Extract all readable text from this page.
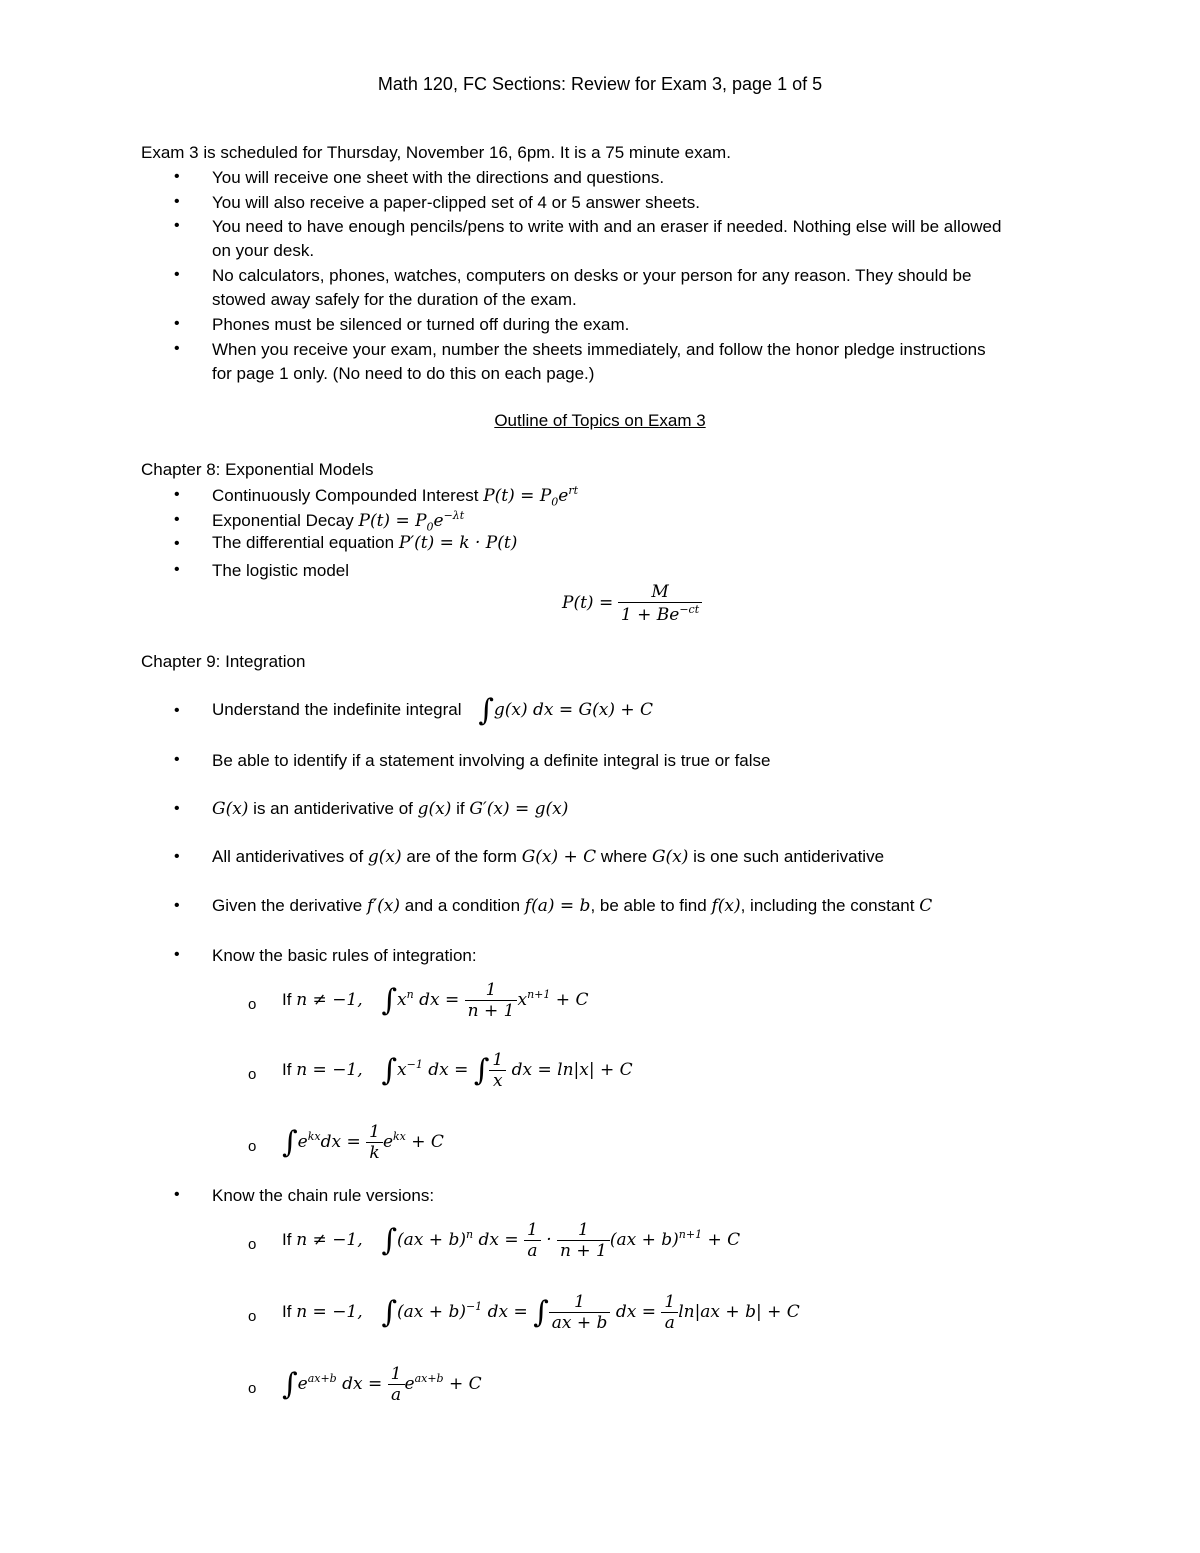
Math 120, FC Sections: Review for Exam 3, page 1 of 5
Exam 3 is scheduled for Thursday, November 16, 6pm. It is a 75 minute exam.
• You will receive one sheet with the directions and questions.
• You will also receive a paper-clipped set of 4 or 5 answer sheets.
• You need to have enough pencils/pens to write with and an eraser if needed. Nothing else will be allowed
on your desk.
• No calculators, phones, watches, computers on desks or your person for any reason. They should be
stowed away safely for the duration of the exam.
• Phones must be silenced or turned off during the exam.
• When you receive your exam, number the sheets immediately, and follow the honor pledge instructions
for page 1 only. (No need to do this on each page.)
Outline of Topics on Exam 3
Chapter 8: Exponential Models
• Continuously Compounded Interest $P(t) = P_0e^{rt}$
• Exponential Decay $P(t) = P_0e^{-\lambda t}$
• The differential equation P′(t) = k · P(t)
• The logistic model
$P(t) = \frac{M}{1 + Be^{-ct}}$
Chapter 9: Integration
• Understand the indefinite integral ∫g(x) dx = G(x) + C
• Be able to identify if a statement involving a definite integral is true or false
• G(x) is an antiderivative of g(x) if G′(x) = g(x)
• All antiderivatives of g(x) are of the form G(x) + C where G(x) is one such antiderivative
• Given the derivative f′(x) and a condition f(a) = b, be able to find f(x), including the constant C
• Know the basic rules of integration:
o If n ≠ −1, $\int x^n$ dx = $\frac{1}{n + 1} x^{n+1} + C$
o If n = −1, $\int x^{-1}$ dx = ∫ $\frac{1}{x}$ dx = ln|x| + C
o $\int e^{kx}dx = \frac{1}{k} e^{kx} + C$
• Know the chain rule versions:
o If n ≠ −1, ∫(ax + b)$^n$ dx = $\frac{1}{a} \cdot \frac{1}{n + 1} (ax + b)^{n+1} + C$
o If n = −1, ∫(ax + b)$^{-1}$ dx = ∫ $\frac{1}{ax + b}$ dx = $\frac{1}{a} \ln|ax + b| + C$
o $\int e^{ax+b}$ dx = $\frac{1}{a} e^{ax+b} + C$
